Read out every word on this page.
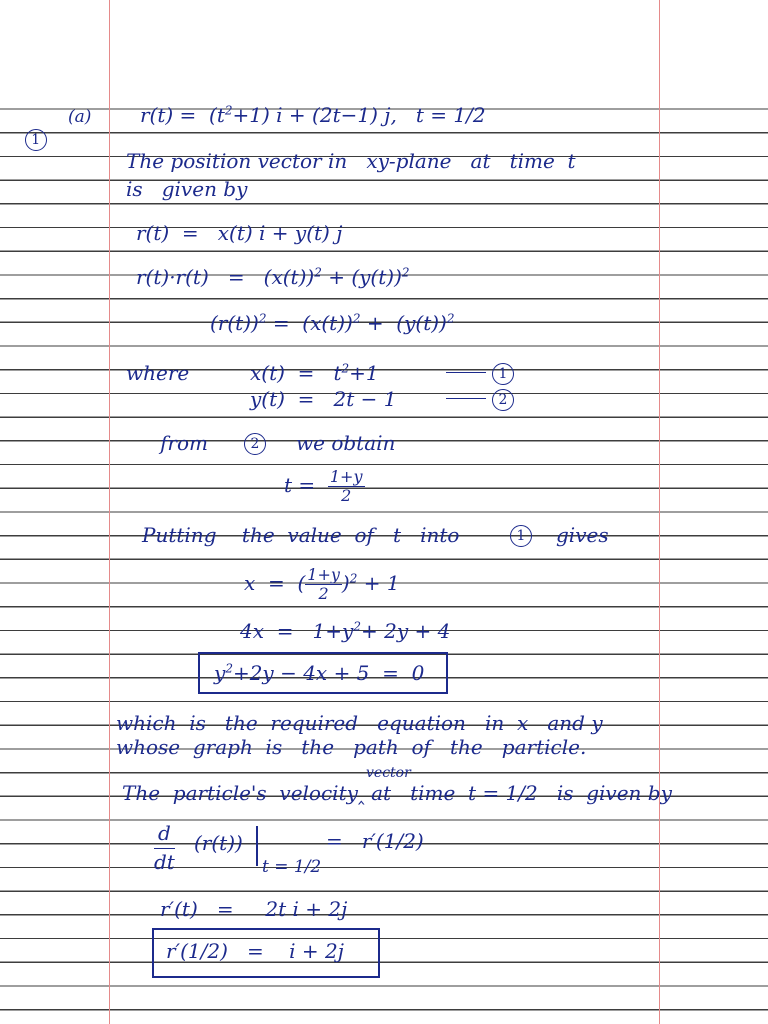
1

(a) $r(t) = (t^2+1) i + (2t-1)$ j,   t = 1/2
The position vector in   xy-plane   at   time  t
is   given by
r(t)  =   x(t) i + y(t) j
$r(t)\cdot r(t) = (x(t))^2 + (y(t))^2$
$(r(t))^2 = (x(t))^2 + (y(t))^2$
where	$x(t) = t^2+1$	1
y(t)  =   2t − 1	2
from	2	we obtain
$t = \frac{1+y}{2}$
Putting    the  value  of   t   into	1	gives
x  =  ( $\frac{1+y}{2} )^2 + 1$
$4x = 1+y^2+ 2y + 4$
$y^2+2y - 4x + 5 = 0$
which  is   the  required   equation   in  x   and y
whose  graph  is   the   path  of   the   particle.
vector
The  particle's  velocity‸ at   time  t = 1/2   is  given by
d
dt
(r(t))
t = 1/2
=   r′(1/2)
r′(t)   =     2t i + 2j
r′(1/2)   =    i + 2j
